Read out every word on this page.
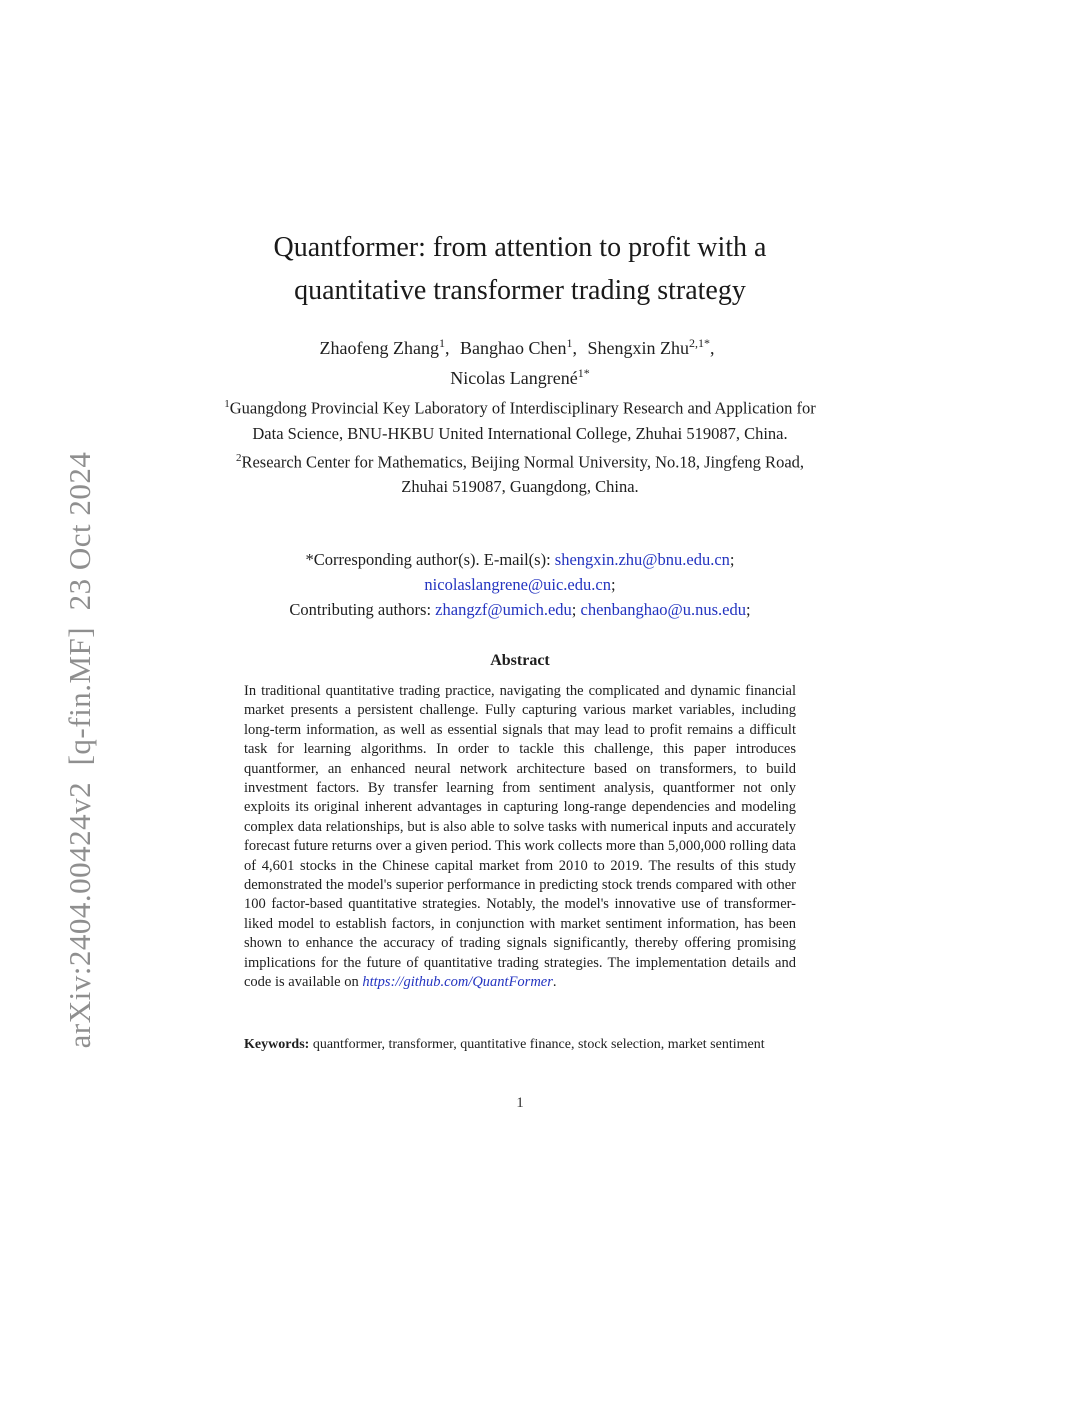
arXiv:2404.00424v2  [q-fin.MF]  23 Oct 2024
Quantformer: from attention to profit with a
quantitative transformer trading strategy
Zhaofeng Zhang$^1$, Banghao Chen$^1$, Shengxin Zhu$^{2,1*}$,
Nicolas Langrené$^{1*}$

$^1$Guangdong Provincial Key Laboratory of Interdisciplinary Research and Application for Data Science, BNU-HKBU United International College, Zhuhai 519087, China.

$^2$Research Center for Mathematics, Beijing Normal University, No.18, Jingfeng Road, Zhuhai 519087, Guangdong, China.

*Corresponding author(s). E-mail(s): shengxin.zhu@bnu.edu.cn;
nicolaslangrene@uic.edu.cn;

Contributing authors: zhangzf@umich.edu; chenbanghao@u.nus.edu;

Abstract
In traditional quantitative trading practice, navigating the complicated and dynamic financial market presents a persistent challenge. Fully capturing various market variables, including long-term information, as well as essential signals that may lead to profit remains a difficult task for learning algorithms. In order to tackle this challenge, this paper introduces quantformer, an enhanced neural network architecture based on transformers, to build investment factors. By transfer learning from sentiment analysis, quantformer not only exploits its original inherent advantages in capturing long-range dependencies and modeling complex data relationships, but is also able to solve tasks with numerical inputs and accurately forecast future returns over a given period. This work collects more than 5,000,000 rolling data of 4,601 stocks in the Chinese capital market from 2010 to 2019. The results of this study demonstrated the model's superior performance in predicting stock trends compared with other 100 factor-based quantitative strategies. Notably, the model's innovative use of transformer-liked model to establish factors, in conjunction with market sentiment information, has been shown to enhance the accuracy of trading signals significantly, thereby offering promising implications for the future of quantitative trading strategies. The implementation details and code is available on https://github.com/QuantFormer.
Keywords: quantformer, transformer, quantitative finance, stock selection, market sentiment
1
